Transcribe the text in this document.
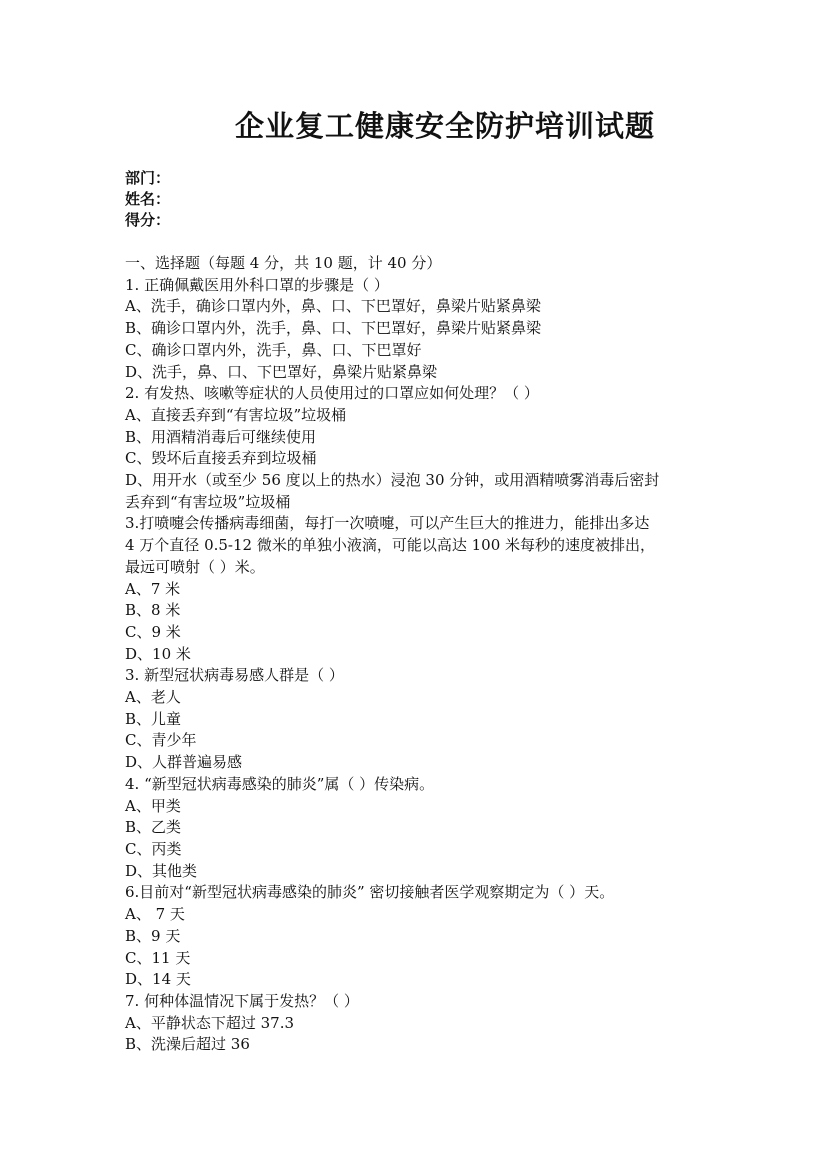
企业复工健康安全防护培训试题
部门：
姓名：
得分：
一、选择题（每题 4 分，共 10 题，计 40 分）
1. 正确佩戴医用外科口罩的步骤是（ ）
A、洗手，确诊口罩内外，鼻、口、下巴罩好，鼻梁片贴紧鼻梁
B、确诊口罩内外，洗手，鼻、口、下巴罩好，鼻梁片贴紧鼻梁
C、确诊口罩内外，洗手，鼻、口、下巴罩好
D、洗手，鼻、口、下巴罩好，鼻梁片贴紧鼻梁
2. 有发热、咳嗽等症状的人员使用过的口罩应如何处理？（ ）
A、直接丢弃到“有害垃圾”垃圾桶
B、用酒精消毒后可继续使用
C、毁坏后直接丢弃到垃圾桶
D、用开水（或至少 56 度以上的热水）浸泡 30 分钟，或用酒精喷雾消毒后密封
丢弃到“有害垃圾”垃圾桶
3.打喷嚏会传播病毒细菌，每打一次喷嚏，可以产生巨大的推进力，能排出多达
4 万个直径 0.5-12 微米的单独小液滴，可能以高达 100 米每秒的速度被排出，
最远可喷射（ ）米。
A、7 米
B、8 米
C、9 米
D、10 米
3. 新型冠状病毒易感人群是（ ）
A、老人
B、儿童
C、青少年
D、人群普遍易感
4. “新型冠状病毒感染的肺炎”属（ ）传染病。
A、甲类
B、乙类
C、丙类
D、其他类
6.目前对“新型冠状病毒感染的肺炎” 密切接触者医学观察期定为（ ）天。
A、 7 天
B、9 天
C、11 天
D、14 天
7. 何种体温情况下属于发热？（ ）
A、平静状态下超过 37.3
B、洗澡后超过 36
